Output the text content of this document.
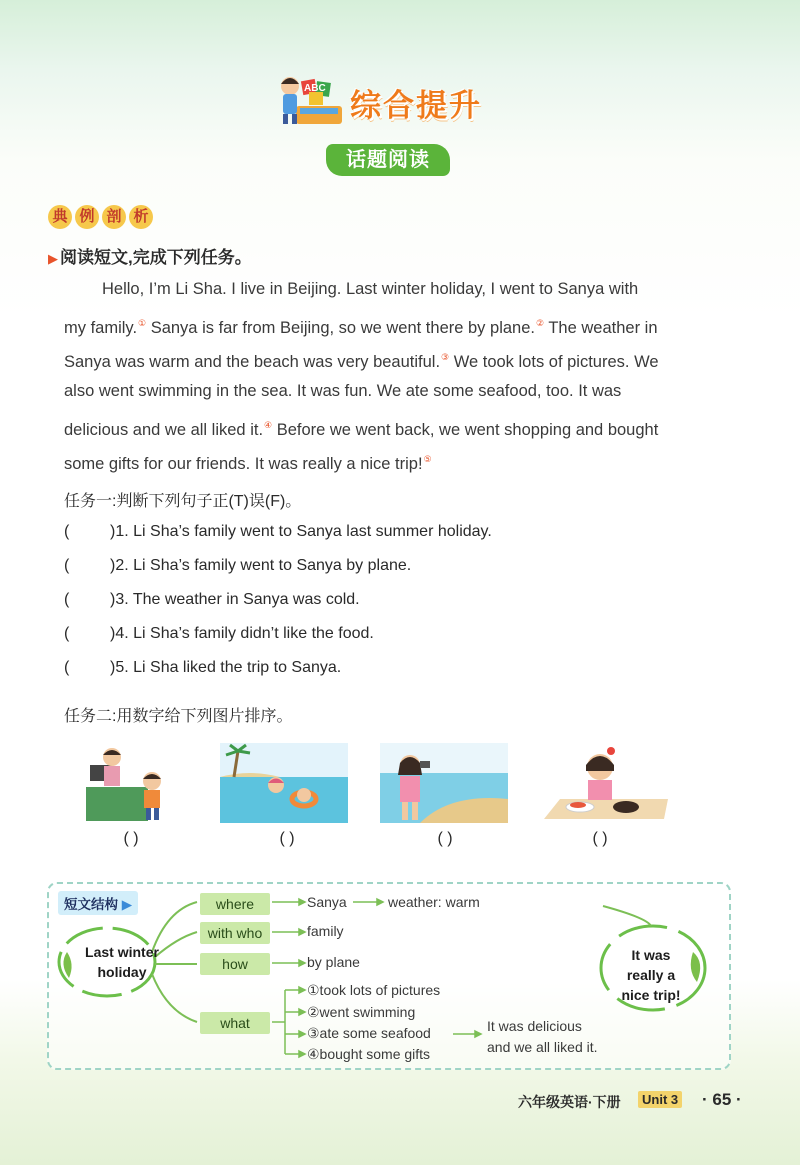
ABC 综合提升
话题阅读
典 例 剖 析
▶ 阅读短文,完成下列任务。
Hello, I’m Li Sha. I live in Beijing. Last winter holiday, I went to Sanya with
my family.① Sanya is far from Beijing, so we went there by plane.② The weather in
Sanya was warm and the beach was very beautiful.③ We took lots of pictures. We
also went swimming in the sea. It was fun. We ate some seafood, too. It was
delicious and we all liked it.④ Before we went back, we went shopping and bought
some gifts for our friends. It was really a nice trip!⑤
任务一:判断下列句子正(T)误(F)。
(	)1. Li Sha’s family went to Sanya last summer holiday.
(	)2. Li Sha’s family went to Sanya by plane.
(	)3. The weather in Sanya was cold.
(	)4. Li Sha’s family didn’t like the food.
(	)5. Li Sha liked the trip to Sanya.
任务二:用数字给下列图片排序。
( )	( )	( )	( )
短文结构 ▶
Last winter
holiday
It was
really a
nice trip!
where
with who
how
what
Sanya	weather: warm
family
by plane
①took lots of pictures
②went swimming
③ate some seafood
④bought some gifts
It was delicious
and we all liked it.
六年级英语·下册	Unit 3 · 65 ·
